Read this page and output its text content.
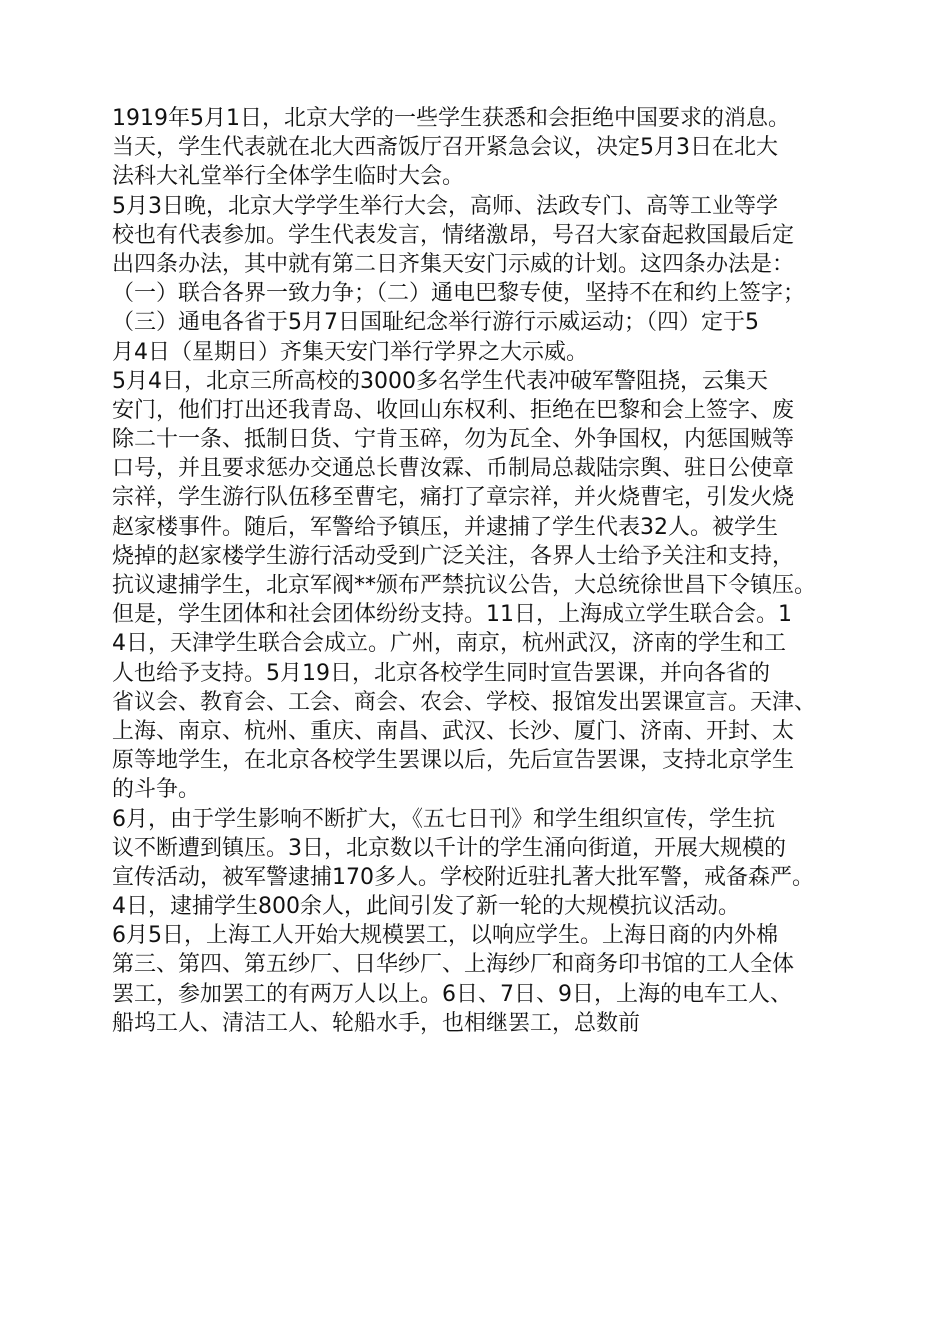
1919年5月1日，北京大学的一些学生获悉和会拒绝中国要求的消息。
当天，学生代表就在北大西斋饭厅召开紧急会议，决定5月3日在北大
法科大礼堂举行全体学生临时大会。
5月3日晚，北京大学学生举行大会，高师、法政专门、高等工业等学
校也有代表参加。学生代表发言，情绪激昂，号召大家奋起救国最后定
出四条办法，其中就有第二日齐集天安门示威的计划。这四条办法是：
（一）联合各界一致力争；（二）通电巴黎专使，坚持不在和约上签字；
（三）通电各省于5月7日国耻纪念举行游行示威运动；（四）定于5
月4日（星期日）齐集天安门举行学界之大示威。
5月4日，北京三所高校的3000多名学生代表冲破军警阻挠，云集天
安门，他们打出还我青岛、收回山东权利、拒绝在巴黎和会上签字、废
除二十一条、抵制日货、宁肯玉碎，勿为瓦全、外争国权，内惩国贼等
口号，并且要求惩办交通总长曹汝霖、币制局总裁陆宗舆、驻日公使章
宗祥，学生游行队伍移至曹宅，痛打了章宗祥，并火烧曹宅，引发火烧
赵家楼事件。随后，军警给予镇压，并逮捕了学生代表32人。被学生
烧掉的赵家楼学生游行活动受到广泛关注，各界人士给予关注和支持，
抗议逮捕学生，北京军阀**颁布严禁抗议公告，大总统徐世昌下令镇压。
但是，学生团体和社会团体纷纷支持。11日，上海成立学生联合会。1
4日，天津学生联合会成立。广州，南京，杭州武汉，济南的学生和工
人也给予支持。5月19日，北京各校学生同时宣告罢课，并向各省的
省议会、教育会、工会、商会、农会、学校、报馆发出罢课宣言。天津、
上海、南京、杭州、重庆、南昌、武汉、长沙、厦门、济南、开封、太
原等地学生，在北京各校学生罢课以后，先后宣告罢课，支持北京学生
的斗争。
6月，由于学生影响不断扩大，《五七日刊》和学生组织宣传，学生抗
议不断遭到镇压。3日，北京数以千计的学生涌向街道，开展大规模的
宣传活动，被军警逮捕170多人。学校附近驻扎著大批军警，戒备森严。
4日，逮捕学生800余人，此间引发了新一轮的大规模抗议活动。
6月5日，上海工人开始大规模罢工，以响应学生。上海日商的内外棉
第三、第四、第五纱厂、日华纱厂、上海纱厂和商务印书馆的工人全体
罢工，参加罢工的有两万人以上。6日、7日、9日，上海的电车工人、
船坞工人、清洁工人、轮船水手，也相继罢工，总数前
